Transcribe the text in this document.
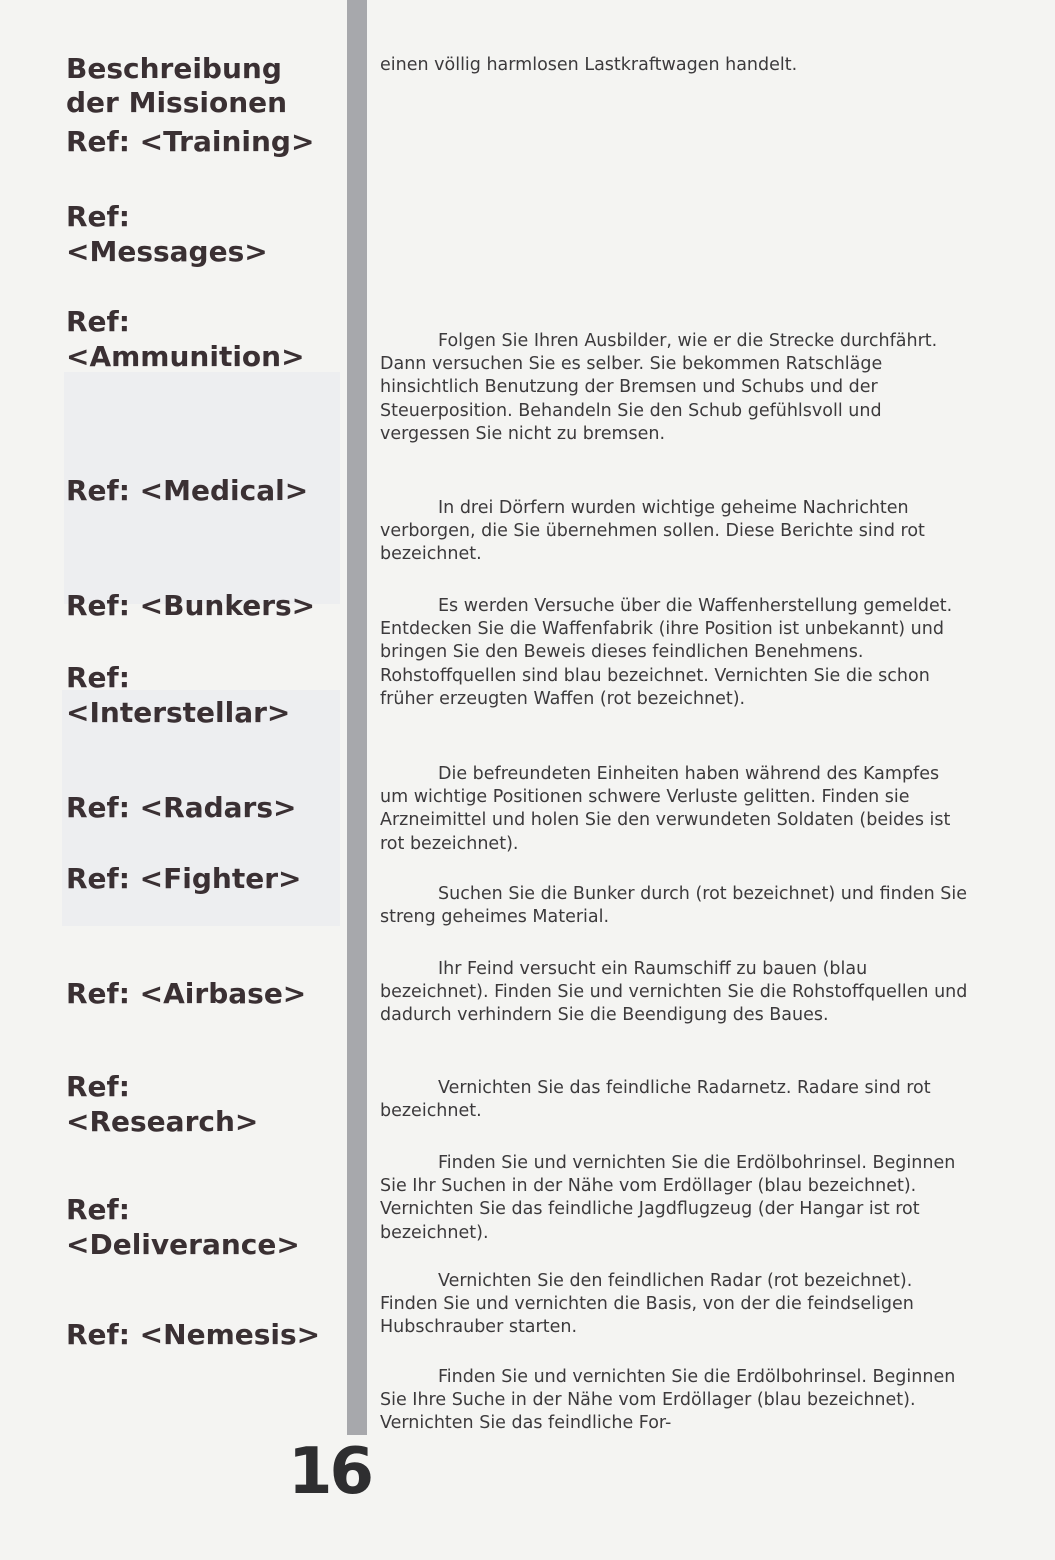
Beschreibung
der Missionen
Ref: <Training>
Ref:
<Messages>
Ref:
<Ammunition>
Ref: <Medical>
Ref: <Bunkers>
Ref:
<Interstellar>
Ref: <Radars>
Ref: <Fighter>
Ref: <Airbase>
Ref:
<Research>
Ref:
<Deliverance>
Ref: <Nemesis>

einen völlig harmlosen Lastkraftwagen handelt.

Folgen Sie Ihren Ausbilder, wie er die Strecke durchfährt. Dann versuchen Sie es selber. Sie bekommen Ratschläge hinsichtlich Benutzung der Bremsen und Schubs und der Steuerposition. Behandeln Sie den Schub gefühlsvoll und vergessen Sie nicht zu bremsen.

In drei Dörfern wurden wichtige geheime Nachrichten verborgen, die Sie übernehmen sollen. Diese Berichte sind rot bezeichnet.

Es werden Versuche über die Waffenherstellung gemeldet. Entdecken Sie die Waffenfabrik (ihre Position ist unbekannt) und bringen Sie den Beweis dieses feindlichen Benehmens. Rohstoffquellen sind blau bezeichnet. Vernichten Sie die schon früher erzeugten Waffen (rot bezeichnet).

Die befreundeten Einheiten haben während des Kampfes um wichtige Positionen schwere Verluste gelitten. Finden sie Arzneimittel und holen Sie den verwundeten Soldaten (beides ist rot bezeichnet).

Suchen Sie die Bunker durch (rot bezeichnet) und finden Sie streng geheimes Material.

Ihr Feind versucht ein Raumschiff zu bauen (blau bezeichnet). Finden Sie und vernichten Sie die Rohstoffquellen und dadurch verhindern Sie die Beendigung des Baues.

Vernichten Sie das feindliche Radarnetz. Radare sind rot bezeichnet.

Finden Sie und vernichten Sie die Erdölbohrinsel. Beginnen Sie Ihr Suchen in der Nähe vom Erdöllager (blau bezeichnet). Vernichten Sie das feindliche Jagdflugzeug (der Hangar ist rot bezeichnet).

Vernichten Sie den feindlichen Radar (rot bezeichnet). Finden Sie und vernichten die Basis, von der die feindseligen Hubschrauber starten.

Finden Sie und vernichten Sie die Erdölbohrinsel. Beginnen Sie Ihre Suche in der Nähe vom Erdöllager (blau bezeichnet). Vernichten Sie das feindliche For-

16
